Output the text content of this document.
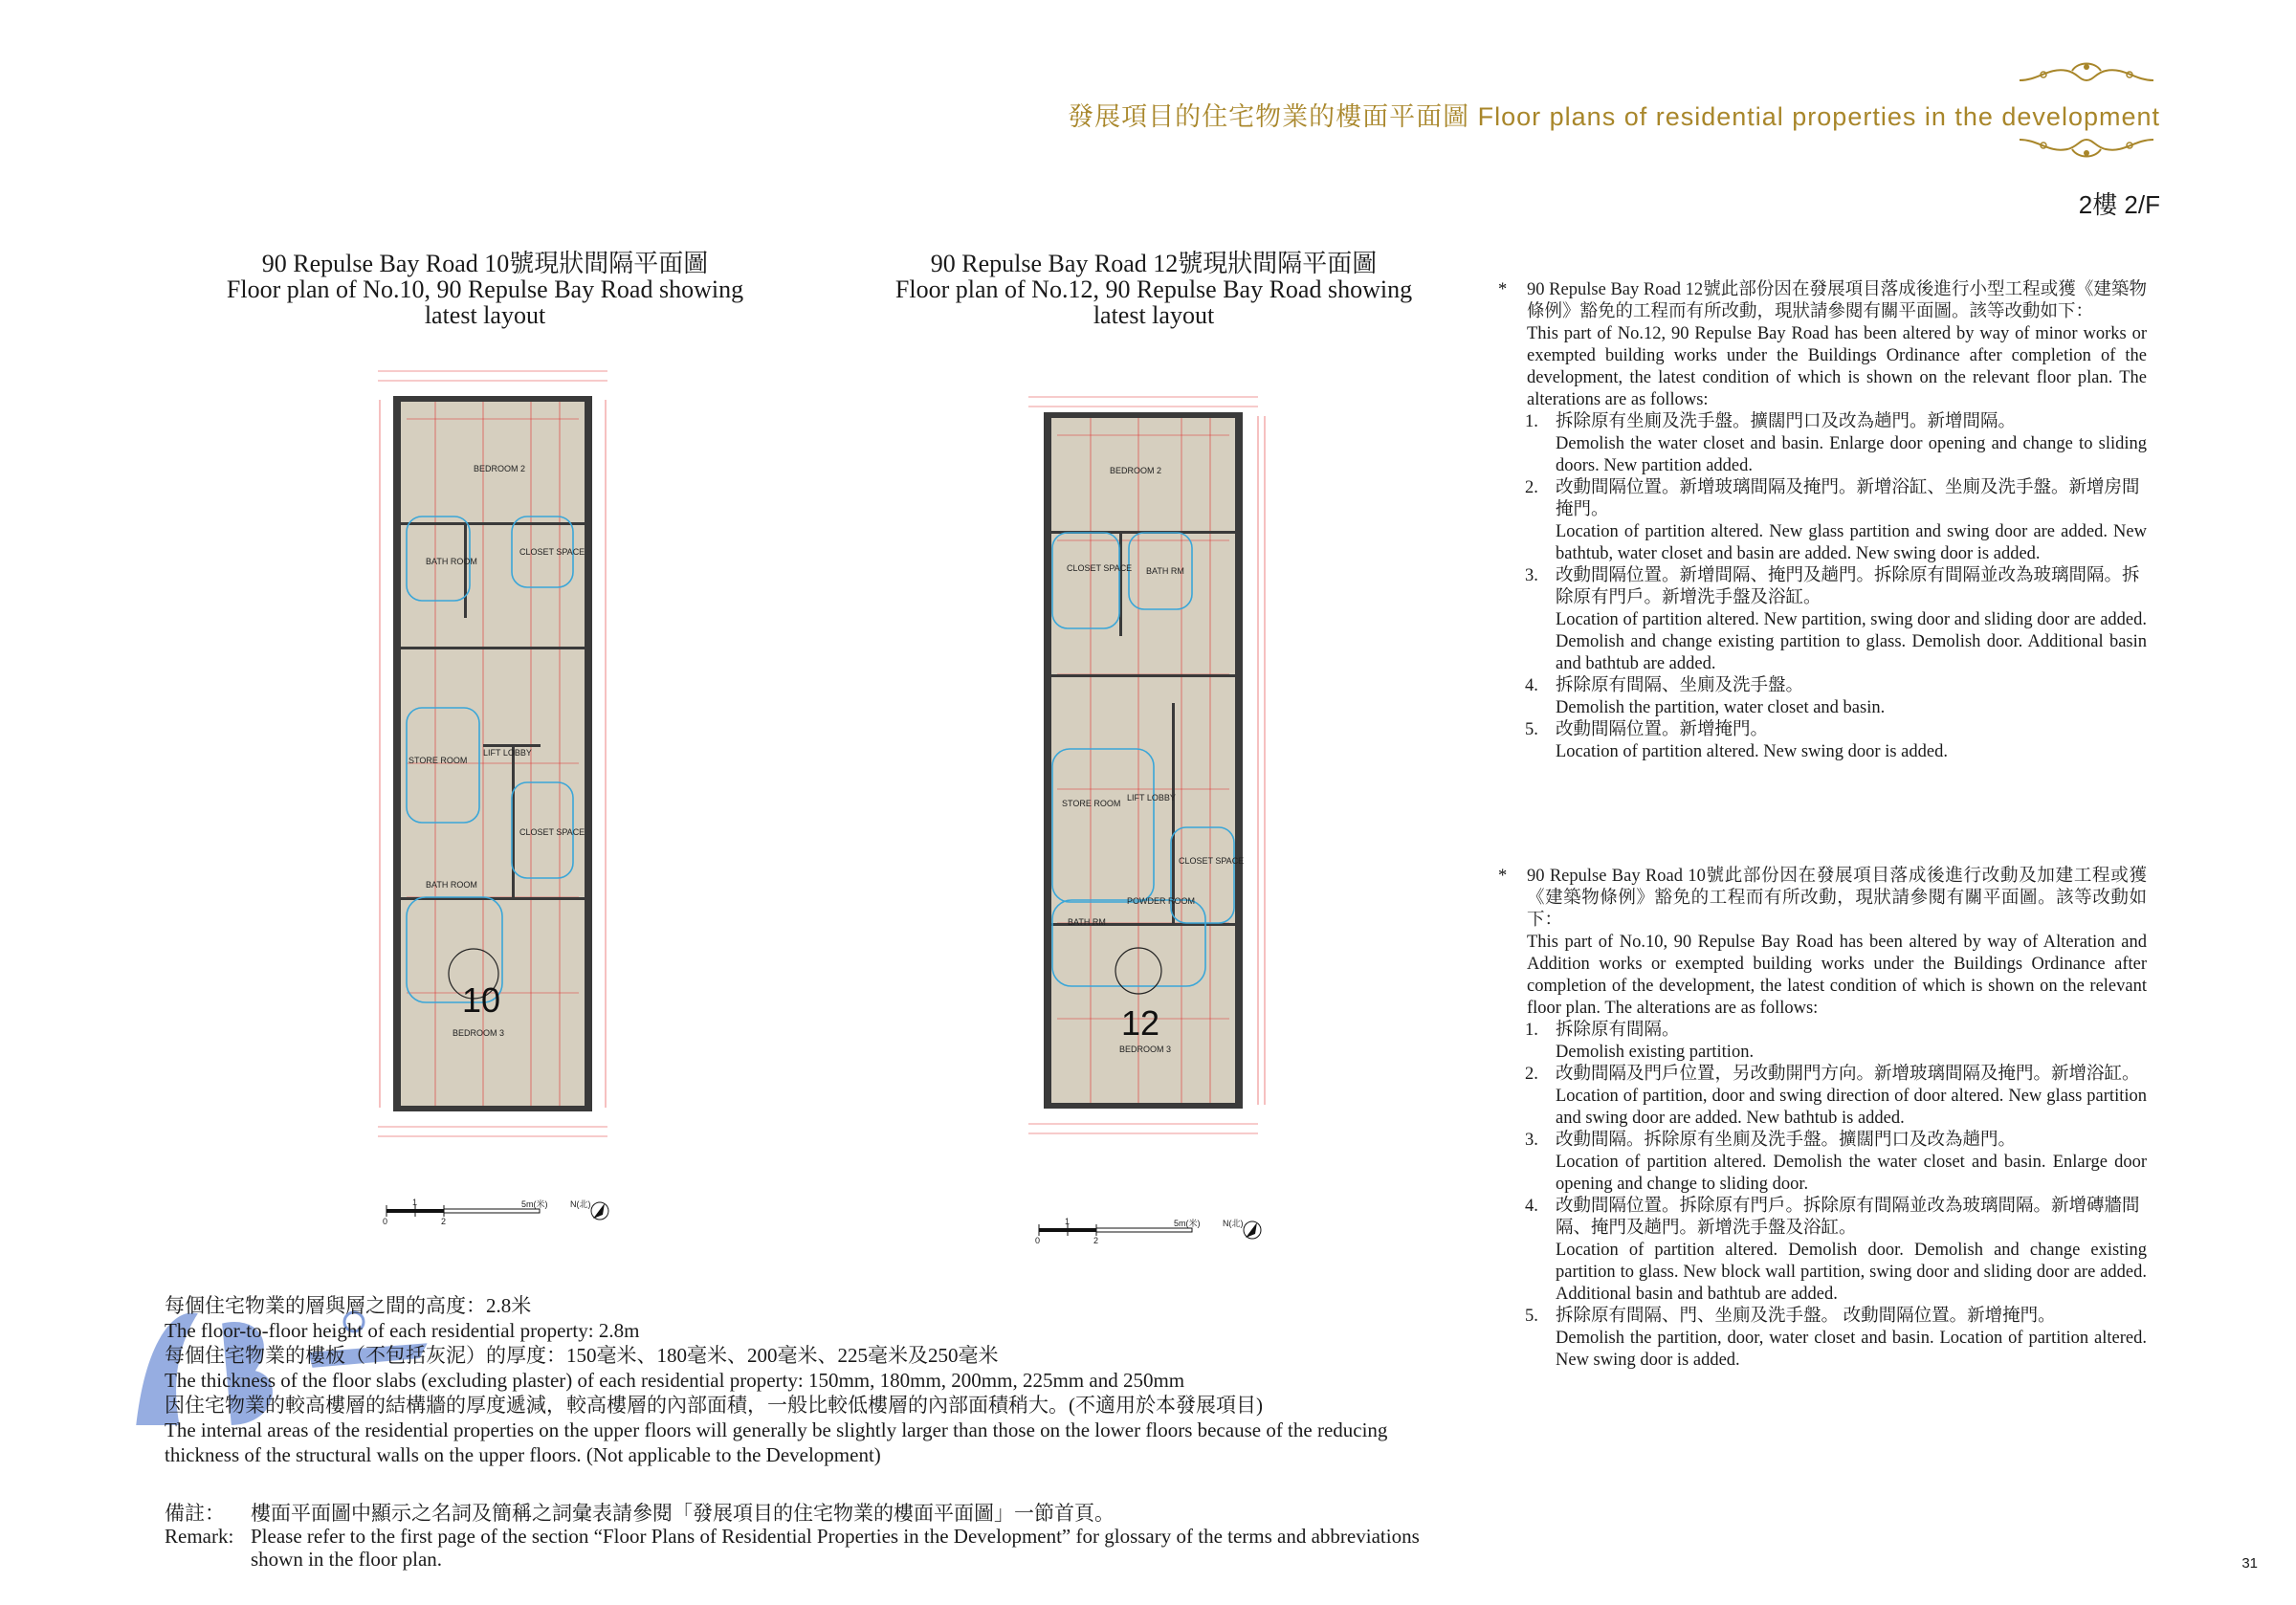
發展項目的住宅物業的樓面平面圖 Floor plans of residential properties in the development
2樓 2/F
90 Repulse Bay Road 10號現狀間隔平面圖
Floor plan of No.10, 90 Repulse Bay Road showing
latest layout
90 Repulse Bay Road 12號現狀間隔平面圖
Floor plan of No.12, 90 Repulse Bay Road showing
latest layout
BEDROOM 2
BATH ROOM
CLOSET SPACE
STORE ROOM
LIFT LOBBY
CLOSET SPACE
BATH ROOM
BEDROOM 3
10
BEDROOM 2
CLOSET SPACE BATH RM
STORE ROOM
LIFT LOBBY
CLOSET SPACE
POWDER ROOM
BATH RM
BEDROOM 3
12
0
1
2
5m(米)	N(北)
0
1
2
5m(米)	N(北)
* 90 Repulse Bay Road 12號此部份因在發展項目落成後進行小型工程或獲《建築物條例》豁免的工程而有所改動，現狀請參閱有關平面圖。該等改動如下：
This part of No.12, 90 Repulse Bay Road has been altered by way of minor works or exempted building works under the Buildings Ordinance after completion of the development, the latest condition of which is shown on the relevant floor plan. The alterations are as follows:
1. 拆除原有坐廁及洗手盤。擴闊門口及改為趟門。新增間隔。
Demolish the water closet and basin. Enlarge door opening and change to sliding doors. New partition added.
2. 改動間隔位置。新增玻璃間隔及掩門。新增浴缸、坐廁及洗手盤。新增房間掩門。
Location of partition altered. New glass partition and swing door are added. New bathtub, water closet and basin are added. New swing door is added.
3. 改動間隔位置。新增間隔、掩門及趟門。拆除原有間隔並改為玻璃間隔。拆除原有門戶。新增洗手盤及浴缸。
Location of partition altered. New partition, swing door and sliding door are added. Demolish and change existing partition to glass. Demolish door. Additional basin and bathtub are added.
4. 拆除原有間隔、坐廁及洗手盤。
Demolish the partition, water closet and basin.
5. 改動間隔位置。新增掩門。
Location of partition altered. New swing door is added.
* 90 Repulse Bay Road 10號此部份因在發展項目落成後進行改動及加建工程或獲《建築物條例》豁免的工程而有所改動，現狀請參閱有關平面圖。該等改動如下：
This part of No.10, 90 Repulse Bay Road has been altered by way of Alteration and Addition works or exempted building works under the Buildings Ordinance after completion of the development, the latest condition of which is shown on the relevant floor plan. The alterations are as follows:
1. 拆除原有間隔。
Demolish existing partition.
2. 改動間隔及門戶位置，另改動開門方向。新增玻璃間隔及掩門。新增浴缸。
Location of partition, door and swing direction of door altered. New glass partition and swing door are added. New bathtub is added.
3. 改動間隔。拆除原有坐廁及洗手盤。擴闊門口及改為趟門。
Location of partition altered. Demolish the water closet and basin. Enlarge door opening and change to sliding door.
4. 改動間隔位置。拆除原有門戶。拆除原有間隔並改為玻璃間隔。新增磚牆間隔、掩門及趟門。新增洗手盤及浴缸。
Location of partition altered. Demolish door. Demolish and change existing partition to glass. New block wall partition, swing door and sliding door are added. Additional basin and bathtub are added.
5. 拆除原有間隔、門、坐廁及洗手盤。 改動間隔位置。新增掩門。
Demolish the partition, door, water closet and basin. Location of partition altered. New swing door is added.

每個住宅物業的層與層之間的高度：2.8米

The floor-to-floor height of each residential property: 2.8m

每個住宅物業的樓板（不包括灰泥）的厚度：150毫米、180毫米、200毫米、225毫米及250毫米

The thickness of the floor slabs (excluding plaster) of each residential property: 150mm, 180mm, 200mm, 225mm and 250mm

因住宅物業的較高樓層的結構牆的厚度遞減，較高樓層的內部面積，一般比較低樓層的內部面積稍大。(不適用於本發展項目)

The internal areas of the residential properties on the upper floors will generally be slightly larger than those on the lower floors because of the reducing thickness of the structural walls on the upper floors. (Not applicable to the Development)

備註： 樓面平面圖中顯示之名詞及簡稱之詞彙表請參閱「發展項目的住宅物業的樓面平面圖」一節首頁。
Remark: Please refer to the first page of the section “Floor Plans of Residential Properties in the Development” for glossary of the terms and abbreviations shown in the floor plan.	31
